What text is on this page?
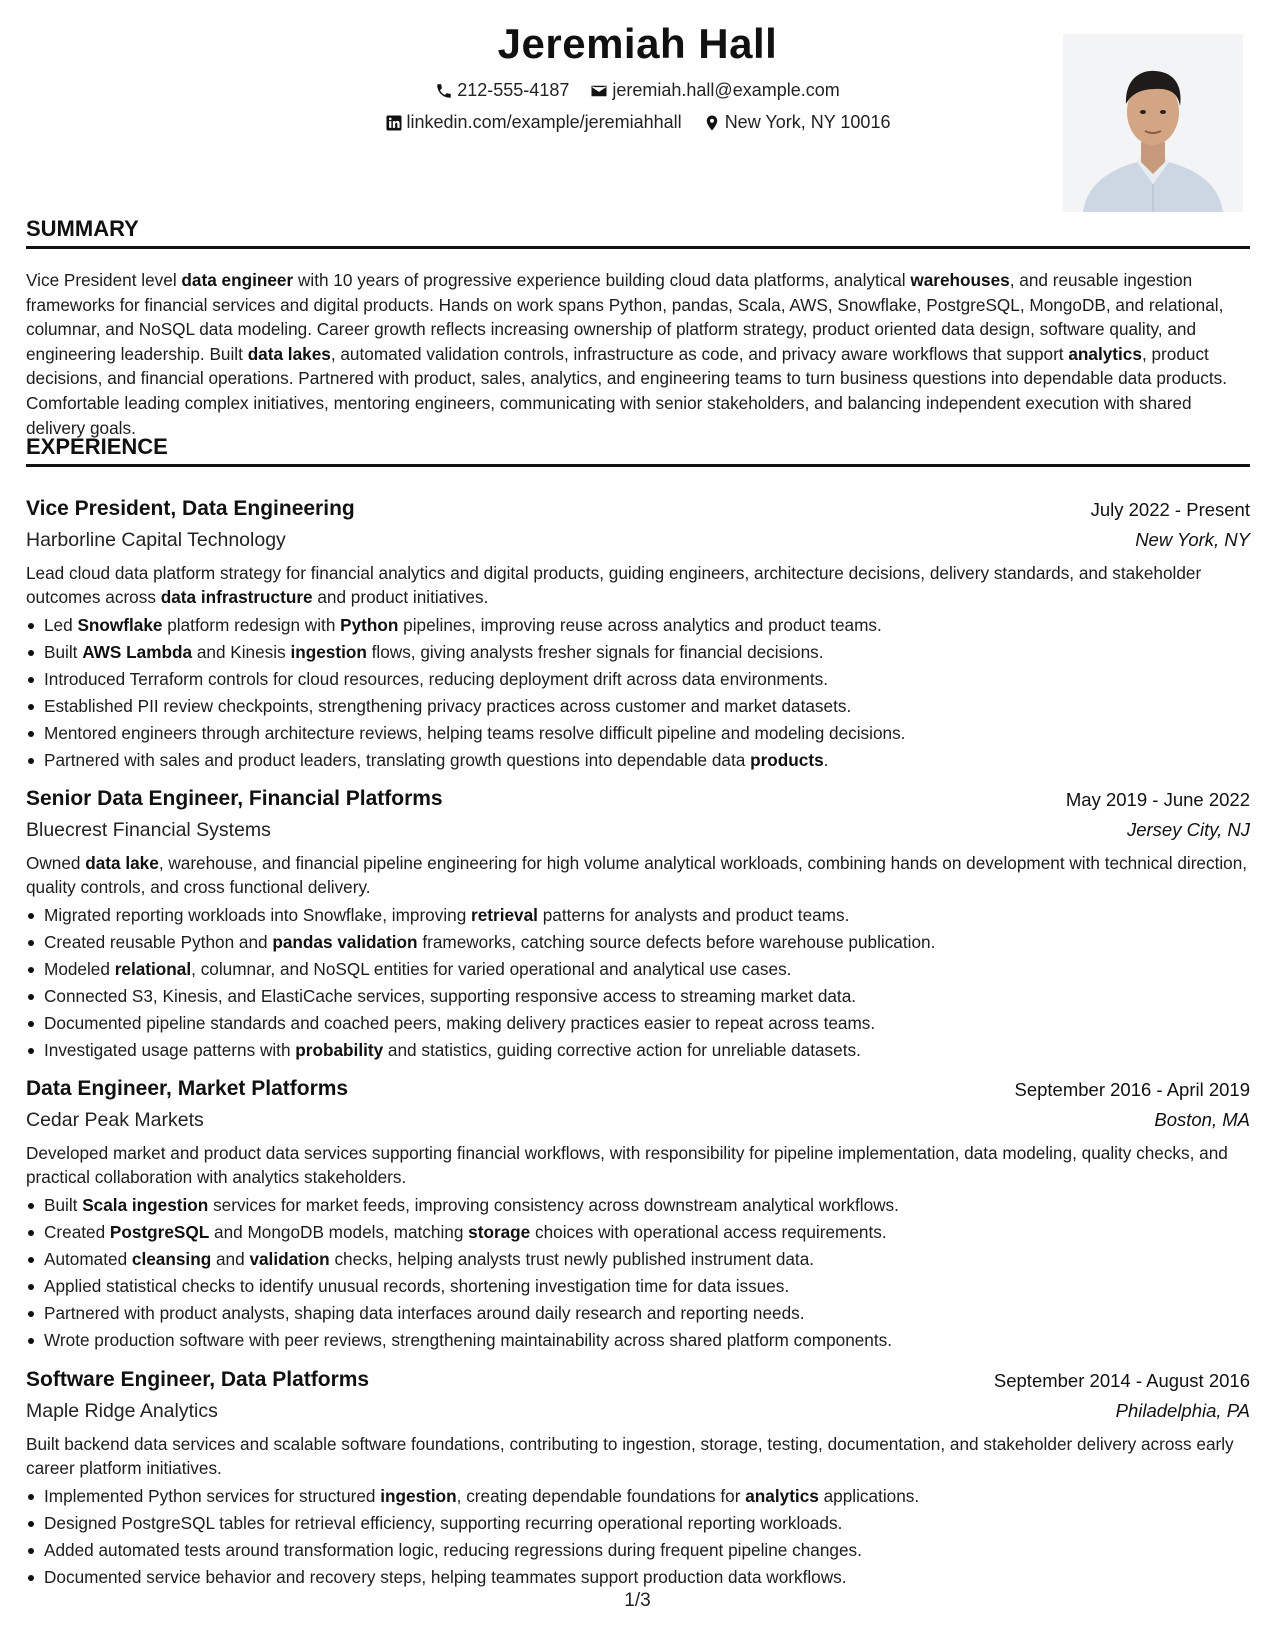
Jeremiah Hall
212-555-4187
jeremiah.hall@example.com
linkedin.com/example/jeremiahhall
New York, NY 10016
SUMMARY
Vice President level data engineer with 10 years of progressive experience building cloud data platforms, analytical warehouses, and reusable ingestion frameworks for financial services and digital products. Hands on work spans Python, pandas, Scala, AWS, Snowflake, PostgreSQL, MongoDB, and relational, columnar, and NoSQL data modeling. Career growth reflects increasing ownership of platform strategy, product oriented data design, software quality, and engineering leadership. Built data lakes, automated validation controls, infrastructure as code, and privacy aware workflows that support analytics, product decisions, and financial operations. Partnered with product, sales, analytics, and engineering teams to turn business questions into dependable data products. Comfortable leading complex initiatives, mentoring engineers, communicating with senior stakeholders, and balancing independent execution with shared delivery goals.
EXPERIENCE
Vice President, Data Engineering	July 2022 - Present
Harborline Capital Technology	New York, NY
Lead cloud data platform strategy for financial analytics and digital products, guiding engineers, architecture decisions, delivery standards, and stakeholder outcomes across data infrastructure and product initiatives.
Led Snowflake platform redesign with Python pipelines, improving reuse across analytics and product teams.
Built AWS Lambda and Kinesis ingestion flows, giving analysts fresher signals for financial decisions.
Introduced Terraform controls for cloud resources, reducing deployment drift across data environments.
Established PII review checkpoints, strengthening privacy practices across customer and market datasets.
Mentored engineers through architecture reviews, helping teams resolve difficult pipeline and modeling decisions.
Partnered with sales and product leaders, translating growth questions into dependable data products.
Senior Data Engineer, Financial Platforms	May 2019 - June 2022
Bluecrest Financial Systems	Jersey City, NJ
Owned data lake, warehouse, and financial pipeline engineering for high volume analytical workloads, combining hands on development with technical direction, quality controls, and cross functional delivery.
Migrated reporting workloads into Snowflake, improving retrieval patterns for analysts and product teams.
Created reusable Python and pandas validation frameworks, catching source defects before warehouse publication.
Modeled relational, columnar, and NoSQL entities for varied operational and analytical use cases.
Connected S3, Kinesis, and ElastiCache services, supporting responsive access to streaming market data.
Documented pipeline standards and coached peers, making delivery practices easier to repeat across teams.
Investigated usage patterns with probability and statistics, guiding corrective action for unreliable datasets.
Data Engineer, Market Platforms	September 2016 - April 2019
Cedar Peak Markets	Boston, MA
Developed market and product data services supporting financial workflows, with responsibility for pipeline implementation, data modeling, quality checks, and practical collaboration with analytics stakeholders.
Built Scala ingestion services for market feeds, improving consistency across downstream analytical workflows.
Created PostgreSQL and MongoDB models, matching storage choices with operational access requirements.
Automated cleansing and validation checks, helping analysts trust newly published instrument data.
Applied statistical checks to identify unusual records, shortening investigation time for data issues.
Partnered with product analysts, shaping data interfaces around daily research and reporting needs.
Wrote production software with peer reviews, strengthening maintainability across shared platform components.
Software Engineer, Data Platforms	September 2014 - August 2016
Maple Ridge Analytics	Philadelphia, PA
Built backend data services and scalable software foundations, contributing to ingestion, storage, testing, documentation, and stakeholder delivery across early career platform initiatives.
Implemented Python services for structured ingestion, creating dependable foundations for analytics applications.
Designed PostgreSQL tables for retrieval efficiency, supporting recurring operational reporting workloads.
Added automated tests around transformation logic, reducing regressions during frequent pipeline changes.
Documented service behavior and recovery steps, helping teammates support production data workflows.
1/3
